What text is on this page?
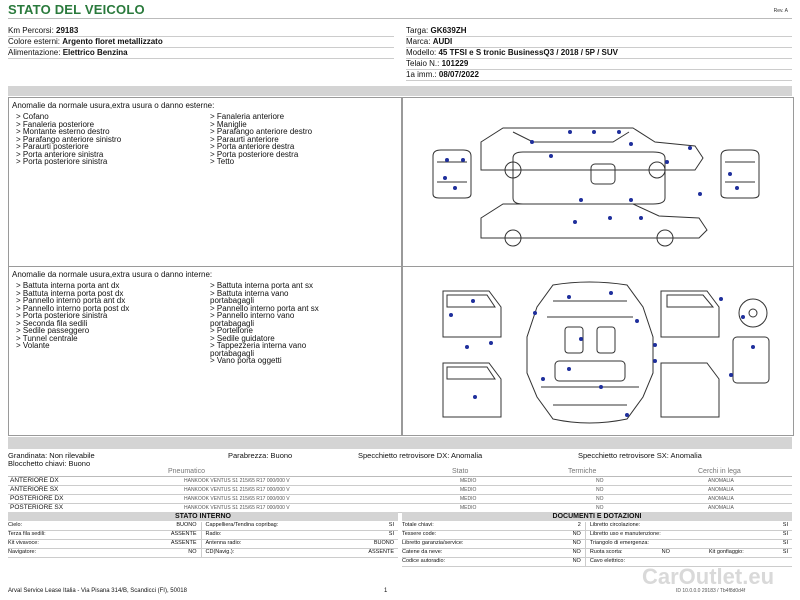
STATO DEL VEICOLO	Rev. A
Km Percorsi: 29183
Colore esterni: Argento floret metallizzato
Alimentazione: Elettrico Benzina
Targa: GK639ZH
Marca: AUDI
Modello: 45 TFSI e S tronic BusinessQ3 / 2018 / 5P / SUV
Telaio N.: 101229
1a imm.: 08/07/2022
Anomalie da normale usura,extra usura o danno esterne:
> Cofano
> Fanaleria posteriore
> Montante esterno destro
> Parafango anteriore sinistro
> Paraurti posteriore
> Porta anteriore sinistra
> Porta posteriore sinistra
> Fanaleria anteriore
> Maniglie
> Parafango anteriore destro
> Paraurti anteriore
> Porta anteriore destra
> Porta posteriore destra
> Tetto
Anomalie da normale usura,extra usura o danno interne:
> Battuta interna porta ant dx
> Battuta interna porta post dx
> Pannello interno porta ant dx
> Pannello interno porta post dx
> Porta posteriore sinistra
> Seconda fila sedili
> Sedile passeggero
> Tunnel centrale
> Volante
> Battuta interna porta ant sx
> Battuta interna vano
portabagagli
> Pannello interno porta ant sx
> Pannello interno vano
portabagagli
> Portellone
> Sedile guidatore
> Tappezzeria interna vano
portabagagli
> Vano porta oggetti
Grandinata: Non rilevabile	Parabrezza: Buono	Specchietto retrovisore DX: Anomalia	Specchietto retrovisore SX: Anomalia
Blocchetto chiavi: Buono
Pneumatico	Stato	Termiche	Cerchi in lega
ANTERIORE DX	HANKOOK VENTUS S1 215/65 R17 000/000 V	MEDIO	NO	ANOMALIA
ANTERIORE SX	HANKOOK VENTUS S1 215/65 R17 000/000 V	MEDIO	NO	ANOMALIA
POSTERIORE DX	HANKOOK VENTUS S1 215/65 R17 000/000 V	MEDIO	NO	ANOMALIA
POSTERIORE SX	HANKOOK VENTUS S1 215/65 R17 000/000 V	MEDIO	NO	ANOMALIA
STATO INTERNO
Cielo:	BUONO Cappelliera/Tendina copribag:	SI
Terza fila sedili:	ASSENTE Radio:	SI
Kit vivavoce:	ASSENTE Antenna radio:	BUONO
Navigatore:	NO CD(Navig.):	ASSENTE
DOCUMENTI E DOTAZIONI
Totale chiavi:	2 Libretto circolazione:	SI
Tessere code:	NO Libretto uso e manutenzione:	SI
Libretto garanzia/service:	NO Triangolo di emergenza:	SI
Catene da neve:	NO Ruota scorta:	NO	Kit gonfiaggio:	SI
Codice autoradio:	NO Cavo elettrico:
Arval Service Lease Italia - Via Pisana 314/B, Scandicci (FI), 50018	1	ID 10.0.0.0 29183 / Tb4f8d0d4f
CarOutlet.eu
